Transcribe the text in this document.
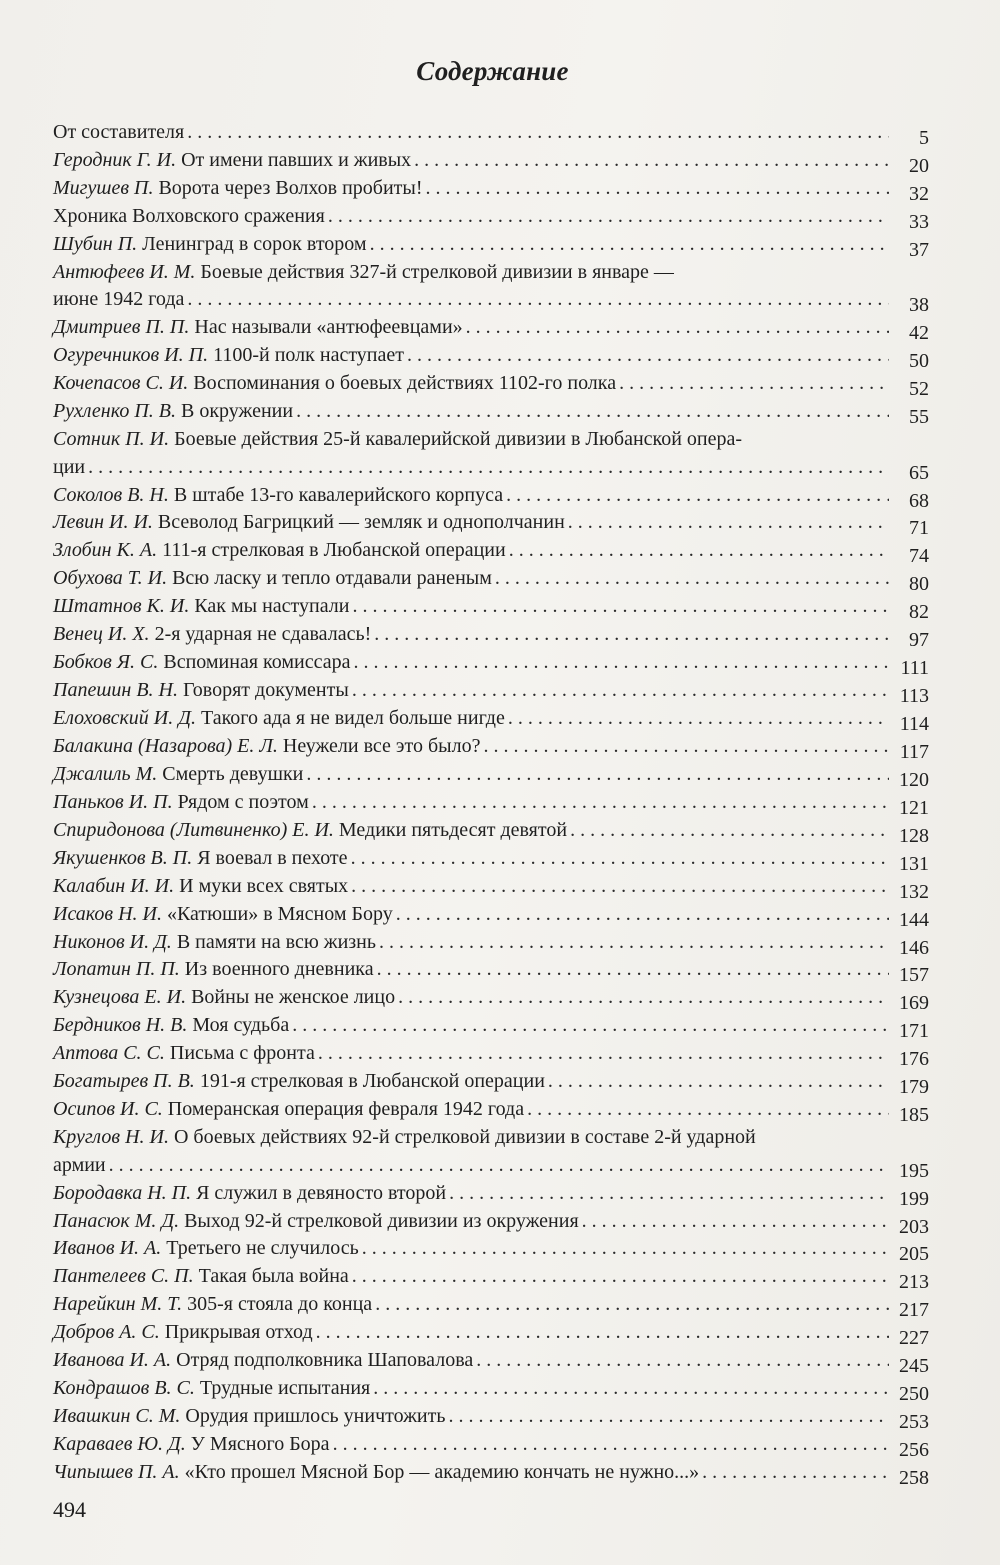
Содержание
От составителя . . .	5
Геродник Г. И. От имени павших и живых . . .	20
Мигушев П. Ворота через Волхов пробиты! . . .	32
Хроника Волховского сражения . . .	33
Шубин П. Ленинград в сорок втором . . .	37
Антюфеев И. М. Боевые действия 327-й стрелковой дивизии в январе —
июне 1942 года . . .	38
Дмитриев П. П. Нас называли «антюфеевцами» . . .	42
Огуречников И. П. 1100-й полк наступает . . .	50
Кочепасов С. И. Воспоминания о боевых действиях 1102-го полка . . .	52
Рухленко П. В. В окружении . . .	55
Сотник П. И. Боевые действия 25-й кавалерийской дивизии в Любанской опера-
ции . . .	65
Соколов В. Н. В штабе 13-го кавалерийского корпуса . . .	68
Левин И. И. Всеволод Багрицкий — земляк и однополчанин . . .	71
Злобин К. А. 111-я стрелковая в Любанской операции . . .	74
Обухова Т. И. Всю ласку и тепло отдавали раненым . . .	80
Штатнов К. И. Как мы наступали . . .	82
Венец И. Х. 2-я ударная не сдавалась! . . .	97
Бобков Я. С. Вспоминая комиссара . . .	111
Папешин В. Н. Говорят документы . . .	113
Елоховский И. Д. Такого ада я не видел больше нигде . . .	114
Балакина (Назарова) Е. Л. Неужели все это было? . . .	117
Джалиль М. Смерть девушки . . .	120
Паньков И. П. Рядом с поэтом . . .	121
Спиридонова (Литвиненко) Е. И. Медики пятьдесят девятой . . .	128
Якушенков В. П. Я воевал в пехоте . . .	131
Калабин И. И. И муки всех святых . . .	132
Исаков Н. И. «Катюши» в Мясном Бору . . .	144
Никонов И. Д. В памяти на всю жизнь . . .	146
Лопатин П. П. Из военного дневника . . .	157
Кузнецова Е. И. Войны не женское лицо . . .	169
Бердников Н. В. Моя судьба . . .	171
Аптова С. С. Письма с фронта . . .	176
Богатырев П. В. 191-я стрелковая в Любанской операции . . .	179
Осипов И. С. Померанская операция февраля 1942 года . . .	185
Круглов Н. И. О боевых действиях 92-й стрелковой дивизии в составе 2-й ударной
армии . . .	195
Бородавка Н. П. Я служил в девяносто второй . . .	199
Панасюк М. Д. Выход 92-й стрелковой дивизии из окружения . . .	203
Иванов И. А. Третьего не случилось . . .	205
Пантелеев С. П. Такая была война . . .	213
Нарейкин М. Т. 305-я стояла до конца . . .	217
Добров А. С. Прикрывая отход . . .	227
Иванова И. А. Отряд подполковника Шаповалова . . .	245
Кондрашов В. С. Трудные испытания . . .	250
Ивашкин С. М. Орудия пришлось уничтожить . . .	253
Караваев Ю. Д. У Мясного Бора . . .	256
Чипышев П. А. «Кто прошел Мясной Бор — академию кончать не нужно...» . . .	258
494
